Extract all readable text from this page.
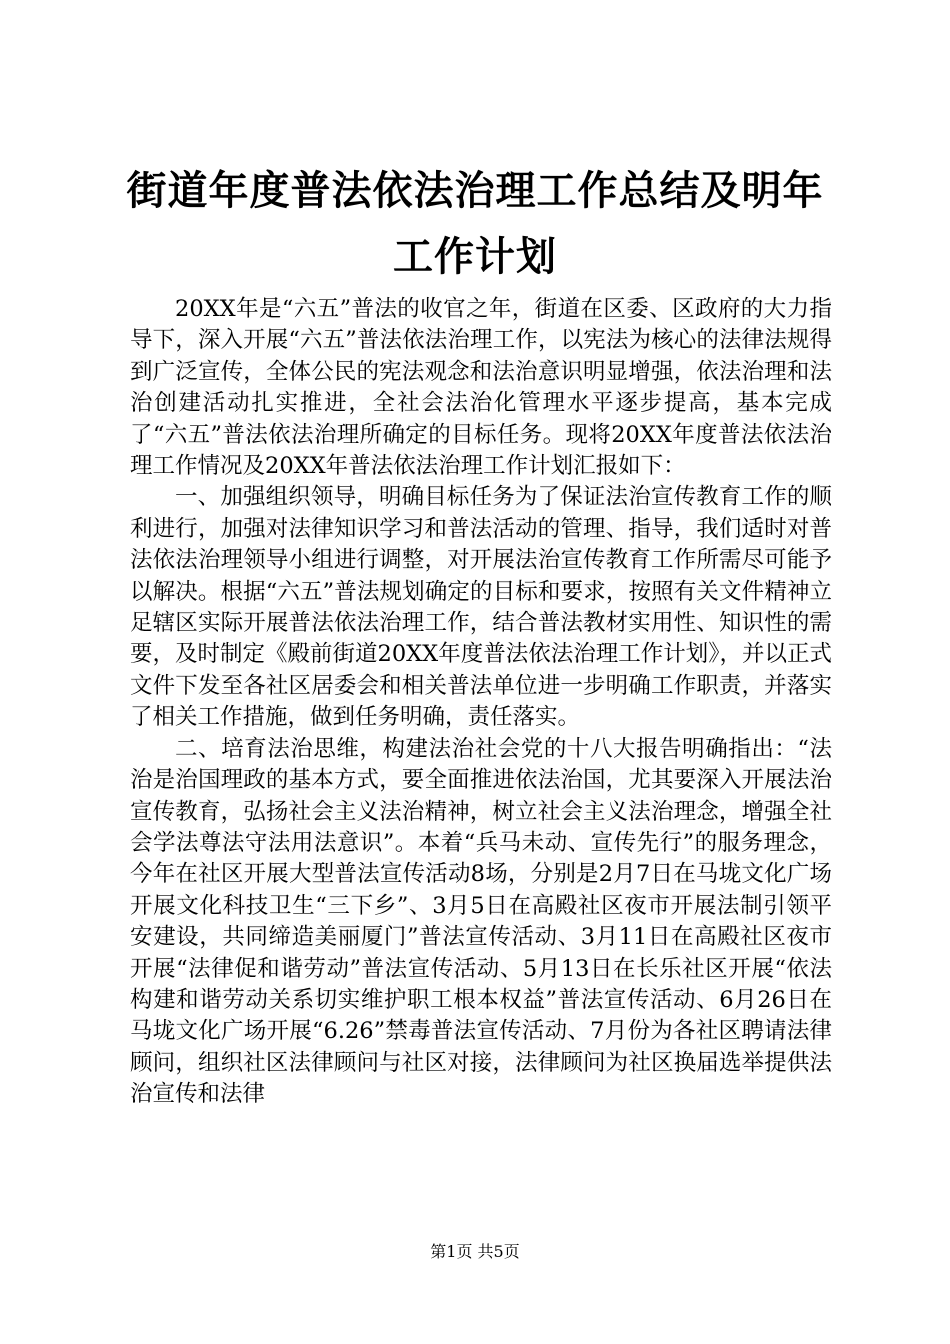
街道年度普法依法治理工作总结及明年工作计划

20XX年是“六五”普法的收官之年，街道在区委、区政府的大力指导下，深入开展“六五”普法依法治理工作，以宪法为核心的法律法规得到广泛宣传，全体公民的宪法观念和法治意识明显增强，依法治理和法治创建活动扎实推进，全社会法治化管理水平逐步提高，基本完成了“六五”普法依法治理所确定的目标任务。现将20XX年度普法依法治理工作情况及20XX年普法依法治理工作计划汇报如下：

一、加强组织领导，明确目标任务为了保证法治宣传教育工作的顺利进行，加强对法律知识学习和普法活动的管理、指导，我们适时对普法依法治理领导小组进行调整，对开展法治宣传教育工作所需尽可能予以解决。根据“六五”普法规划确定的目标和要求，按照有关文件精神立足辖区实际开展普法依法治理工作，结合普法教材实用性、知识性的需要，及时制定《殿前街道20XX年度普法依法治理工作计划》，并以正式文件下发至各社区居委会和相关普法单位进一步明确工作职责，并落实了相关工作措施，做到任务明确，责任落实。

二、培育法治思维，构建法治社会党的十八大报告明确指出：“法治是治国理政的基本方式，要全面推进依法治国，尤其要深入开展法治宣传教育，弘扬社会主义法治精神，树立社会主义法治理念，增强全社会学法尊法守法用法意识”。本着“兵马未动、宣传先行”的服务理念，今年在社区开展大型普法宣传活动8场，分别是2月7日在马垅文化广场开展文化科技卫生“三下乡”、3月5日在高殿社区夜市开展法制引领平安建设，共同缔造美丽厦门”普法宣传活动、3月11日在高殿社区夜市开展“法律促和谐劳动”普法宣传活动、5月13日在长乐社区开展“依法构建和谐劳动关系切实维护职工根本权益”普法宣传活动、6月26日在马垅文化广场开展“6.26”禁毒普法宣传活动、7月份为各社区聘请法律顾问，组织社区法律顾问与社区对接，法律顾问为社区换届选举提供法治宣传和法律

第1页 共5页
